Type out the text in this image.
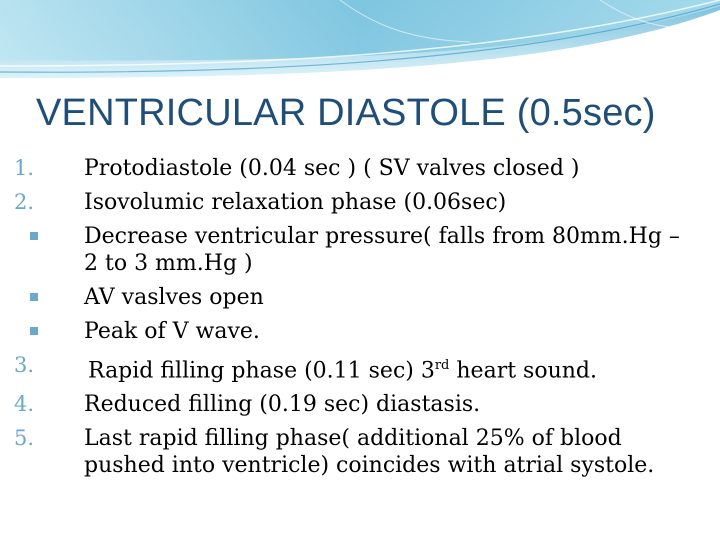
VENTRICULAR DIASTOLE (0.5sec)
1.	Protodiastole (0.04 sec ) ( SV valves closed )
2.	Isovolumic relaxation phase (0.06sec)
Decrease ventricular pressure( falls from 80mm.Hg – 2 to 3 mm.Hg )
AV vaslves open
Peak of V wave.
3.	Rapid filling phase (0.11 sec) 3rd heart sound.
4.	Reduced filling (0.19 sec) diastasis.
5.	Last rapid filling phase( additional 25% of blood pushed into ventricle) coincides with atrial systole.
